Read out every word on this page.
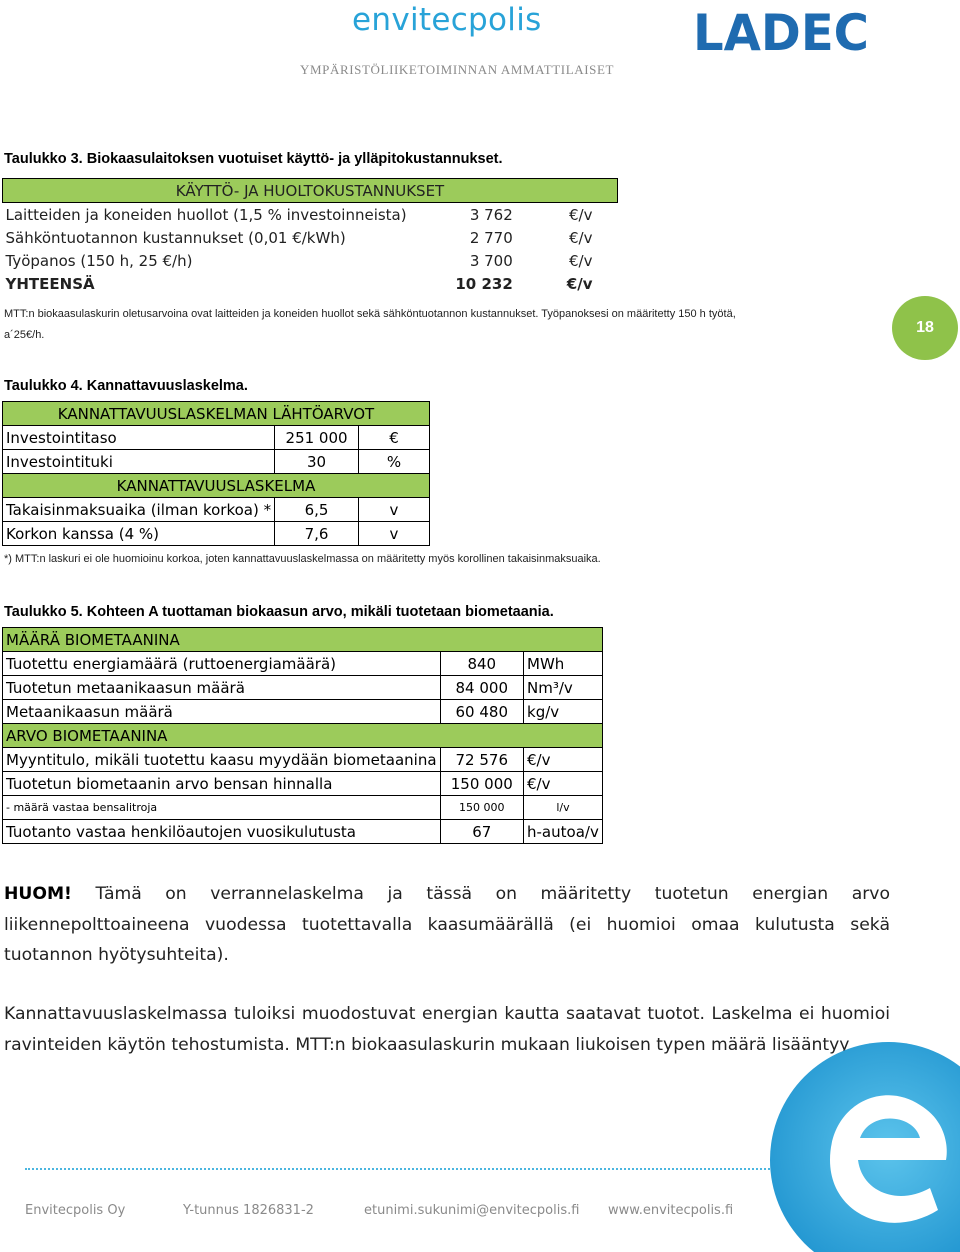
envitecpolis
YMPÄRISTÖLIIKETOIMINNAN AMMATTILAISET
LADEC
Taulukko 3. Biokaasulaitoksen vuotuiset käyttö- ja ylläpitokustannukset.
KÄYTTÖ- JA HUOLTOKUSTANNUKSET		
Laitteiden ja koneiden huollot (1,5 % investoinneista)	3 762	€/v
Sähköntuotannon kustannukset (0,01 €/kWh)	2 770	€/v
Työpanos (150 h, 25 €/h)	3 700	€/v
YHTEENSÄ	10 232	€/v
MTT:n biokaasulaskurin oletusarvoina ovat laitteiden ja koneiden huollot sekä sähköntuotannon kustannukset. Työpanoksesi on määritetty 150 h työtä,
a´25€/h.	18
Taulukko 4. Kannattavuuslaskelma.
KANNATTAVUUSLASKELMAN LÄHTÖARVOT		
Investointitaso	251 000	€
Investointituki	30	%
KANNATTAVUUSLASKELMA		
Takaisinmaksuaika (ilman korkoa) *	6,5	v
Korkon kanssa (4 %)	7,6	v
*) MTT:n laskuri ei ole huomioinu korkoa, joten kannattavuuslaskelmassa on määritetty myös korollinen takaisinmaksuaika.
Taulukko 5. Kohteen A tuottaman biokaasun arvo, mikäli tuotetaan biometaania.
MÄÄRÄ BIOMETAANINA		
Tuotettu energiamäärä (ruttoenergiamäärä)	840	MWh
Tuotetun metaanikaasun määrä	84 000	Nm³/v
Metaanikaasun määrä	60 480	kg/v
ARVO BIOMETAANINA		
Myyntitulo, mikäli tuotettu kaasu myydään biometaanina	72 576	€/v
Tuotetun biometaanin arvo bensan hinnalla	150 000	€/v
- määrä vastaa bensalitroja	150 000	l/v
Tuotanto vastaa henkilöautojen vuosikulutusta	67	h-autoa/v
HUOM! Tämä on verrannelaskelma ja tässä on määritetty tuotetun energian arvo liikennepolttoaineena vuodessa tuotettavalla kaasumäärällä (ei huomioi omaa kulutusta sekä tuotannon hyötysuhteita).
Kannattavuuslaskelmassa tuloiksi muodostuvat energian kautta saatavat tuotot. Laskelma ei huomioi ravinteiden käytön tehostumista. MTT:n biokaasulaskurin mukaan liukoisen typen määrä lisääntyy
Envitecpolis Oy	Y-tunnus 1826831-2	etunimi.sukunimi@envitecpolis.fi www.envitecpolis.fi
